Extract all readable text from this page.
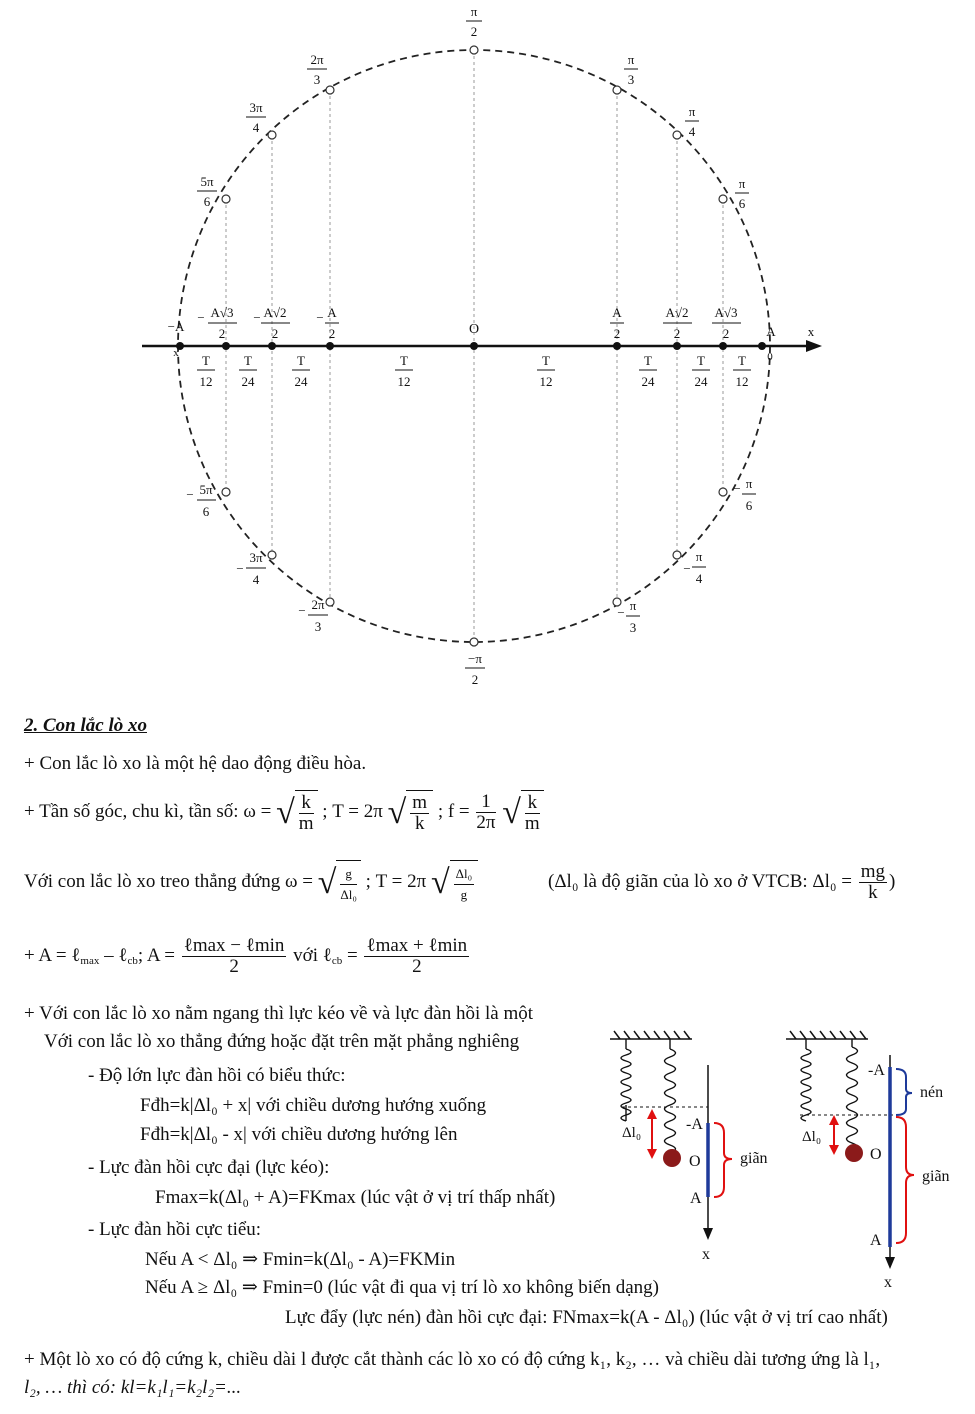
π
2
2π
3
π
3
3π
4
π
4
5π
6
π
6
− 5π
6
− π
6
−
3π
4
−
π
4
− 2π
3
− π
3
−π
2
−A
x
− A√3
2
− A√2
2
− A
2	O
A
2
A√2
2
A√3
2	A x
0
T
12
T
24
T
24
T
12
T
12
T
24
T
24
T
12
2. Con lắc lò xo
+ Con lắc lò xo là một hệ dao động điều hòa.
+ Tần số góc, chu kì, tần số: ω = √ $\frac{k}{m}$ ; T = 2π √ $\frac{m}{k}$ ; $f = \frac{1}{2\pi}$ √ $\frac{k}{m}$
Với con lắc lò xo treo thẳng đứng ω = √ $\frac{g}{\text{Δl₀}}$ ; T = 2π √ $\frac{\text{Δl₀}}{g}$	(Δl₀ là độ giãn của lò xo ở VTCB: $\Delta l_0 = \frac{mg}{k}$ )
+ A = ℓ$_{max}$ – ℓ$_{cb}$; $A = \frac{\text{ℓmax − ℓmin}}{2}$ với ℓ$_{cb}$ = $\frac{\text{ℓmax + ℓmin}}{2}$
+ Với con lắc lò xo nằm ngang thì lực kéo về và lực đàn hồi là một
Với con lắc lò xo thẳng đứng hoặc đặt trên mặt phẳng nghiêng
- Độ lớn lực đàn hồi có biểu thức:
Fđh=k|Δl₀ + x| với chiều dương hướng xuống
Fđh=k|Δl₀ - x| với chiều dương hướng lên
- Lực đàn hồi cực đại (lực kéo):
Fmax=k(Δl₀ + A)=FKmax (lúc vật ở vị trí thấp nhất)
- Lực đàn hồi cực tiểu:
Nếu A < Δl₀ ⇒ Fmin=k(Δl₀ - A)=FKMin
Nếu A ≥ Δl₀ ⇒ Fmin=0 (lúc vật đi qua vị trí lò xo không biến dạng)
Lực đẩy (lực nén) đàn hồi cực đại: FNmax=k(A - Δl₀) (lúc vật ở vị trí cao nhất)
+ Một lò xo có độ cứng k, chiều dài l được cắt thành các lò xo có độ cứng k₁, k₂, … và chiều dài tương ứng là l₁,
l₂, … thì có: kl=k₁l₁=k₂l₂=...
Δl₀	-A
O
A
x
giãn
Δl₀
-A
O
A
x
nén
giãn
